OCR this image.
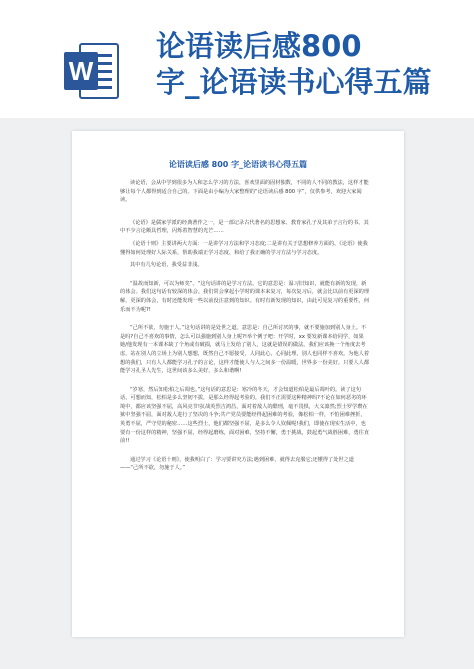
W
论语读后感800
字_论语读书心得五篇
论语读后感 800 字_论语读书心得五篇

读论语，会从中学到很多为人和怎么学习的方法，喜欢里面的固材独数，不同的人不同的教法，这样才能够让每个人都得到适合自己的。下面是由小编为大家整理的“论语读后感 800 字”，仅供参考，欢迎大家阅读。

《论语》是儒家学派的经典著作之一，是一部记录古代著名的思想家、教育家孔子及其弟子言行的书。其中不少言论颇具哲理，闪烁着智慧的光芒……

《论语十则》主要讲两大方面：一是讲学习方法和学习态度;二是讲有关于思想修养方面的。《论语》使我懂得如何处理好人际关系，帮助我端正学习态度，和给了我正确的学习方法与学习态度。

其中有几句论语，我受益非浅。

“温故而知新，可以为师矣”。“这句话讲的是学习方法。它的意思是：温习旧知识，就能有新的发现，新的体会。我们这句话有较深的体会。我们常会拿起小学时的课本来复习，每次复习后，就会比以前有更深的理解，更深的体会，有时还能发现一些以前没注意到的知识。有时有新发现的知识，由此可见复习的重要性，何乐而不为呢?!

“己所不欲，勿施于人。”这句话讲的是处世之道。意思是：自己所讨厌的事，就不要施加到别人身上。不是吗?自己不喜欢的事情，怎么可以强施到别人身上呢?!举个例子吧：开学时，xx 要发新课本给同学，如果她/他发现有一本课本缺了个角或有破损，就马上发给了别人，这就是错误的做法。我们应该换一个角度去考虑，站在别人的立场上为别人想想，既然自己不愿接受，人同此心，心同此理，别人也同样不喜欢。为他人着想的我们，只有人人都能学习孔子的言论，这样才能使人与人之间多一份温暖，世界多一份美好。只要人人都能学习孔圣人先生，这世间该多么美好，多么和谐啊!

“岁寒，然后知松柏之后凋也。”这句话的意思是：寒冷的冬天，才会知道松柏是最后凋叶的。读了这句话，可想而知，松柏是多么坚韧不拔，是那么经得起考验的。我们不正需要这种精神吗?不论在如何恶劣的环境中，都应该坚强不屈，高风亮节!抗战英烈吉鸿昌，面对着敌人的酷刑，毫不畏惧，大义凛然;烈士罗学瓒在狱中坚强不屈，面对敌人进行了坚决的斗争;共产党员要能经得起困难的考验，像松柏一样，不怕困难挫折，英勇不屈，严守党的秘密……这些烈士，他们都坚强不屈，是多么令人钦佩呢!我们，即使在现实生活中，也要有一份这样的精神，坚强不屈，经得起磨练，面对困难，坚持不懈，勇于挑战，鼓起勇气战胜困难，勇往直前!!

通过学习《论语十则》，使我明白了：学习要讲究方法;遇到困难，就得去克服它;还懂得了处世之道——“己所不欲，勿施于人。”
